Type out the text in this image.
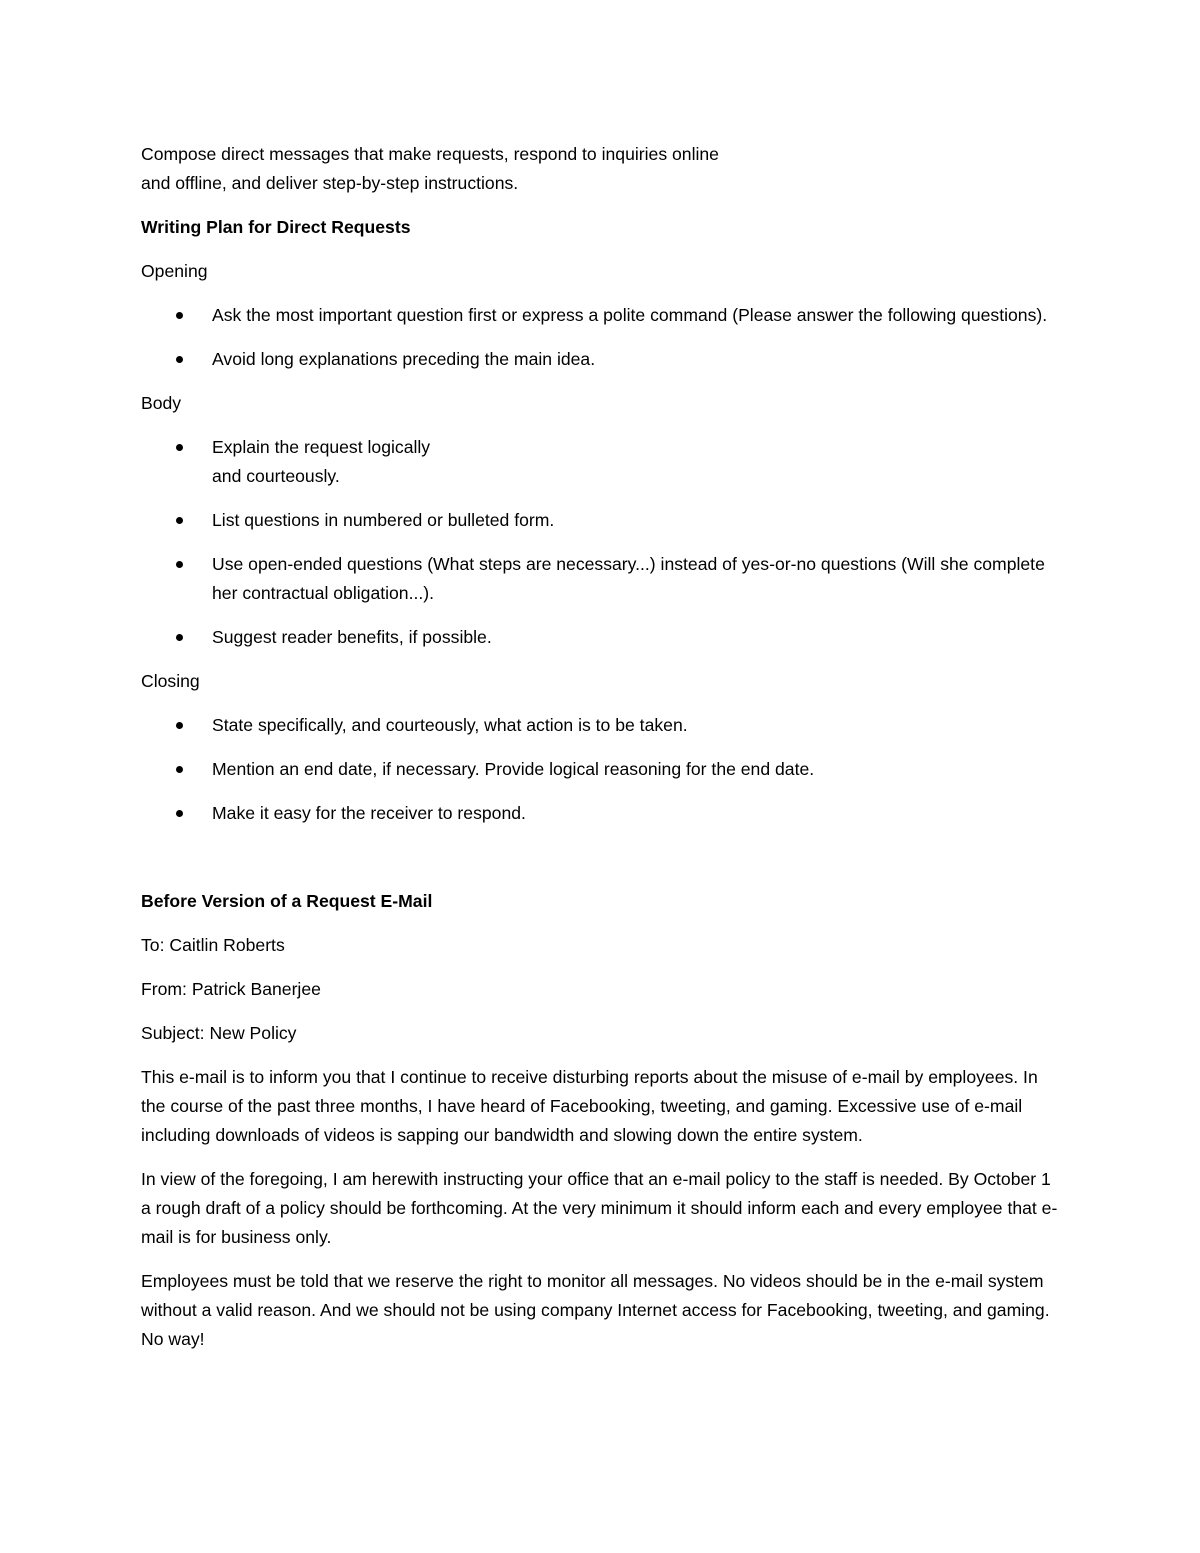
Compose direct messages that make requests, respond to inquiries online
and offline, and deliver step-by-step instructions.

Writing Plan for Direct Requests

Opening

Ask the most important question first or express a polite command (Please answer the following questions).
Avoid long explanations preceding the main idea.

Body

Explain the request logically
and courteously.
List questions in numbered or bulleted form.
Use open-ended questions (What steps are necessary...) instead of yes-or-no questions (Will she complete her contractual obligation...).
Suggest reader benefits, if possible.

Closing

State specifically, and courteously, what action is to be taken.
Mention an end date, if necessary. Provide logical reasoning for the end date.
Make it easy for the receiver to respond.

Before Version of a Request E-Mail

To: Caitlin Roberts

From: Patrick Banerjee

Subject: New Policy

This e-mail is to inform you that I continue to receive disturbing reports about the misuse of e-mail by employees. In the course of the past three months, I have heard of Facebooking, tweeting, and gaming. Excessive use of e-mail including downloads of videos is sapping our bandwidth and slowing down the entire system.

In view of the foregoing, I am herewith instructing your office that an e-mail policy to the staff is needed. By October 1 a rough draft of a policy should be forthcoming. At the very minimum it should inform each and every employee that e-mail is for business only.

Employees must be told that we reserve the right to monitor all messages. No videos should be in the e-mail system without a valid reason. And we should not be using company Internet access for Facebooking, tweeting, and gaming. No way!
